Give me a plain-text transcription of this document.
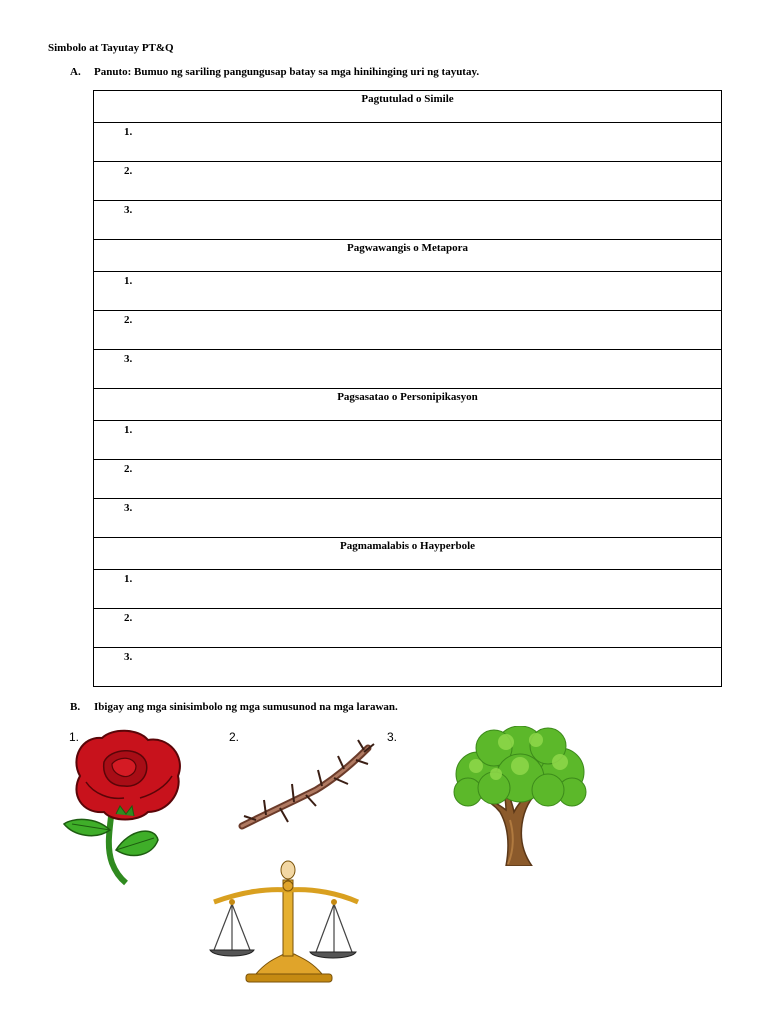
Simbolo at Tayutay PT&Q
A. Panuto: Bumuo ng sariling pangungusap batay sa mga hinihinging uri ng tayutay.
Pagtutulad o Simile
1.
2.
3.
Pagwawangis o Metapora
1.
2.
3.
Pagsasatao o Personipikasyon
1.
2.
3.
Pagmamalabis o Hayperbole
1.
2.
3.
B. Ibigay ang mga sinisimbolo ng mga sumusunod na mga larawan.
1.	2.	3.
